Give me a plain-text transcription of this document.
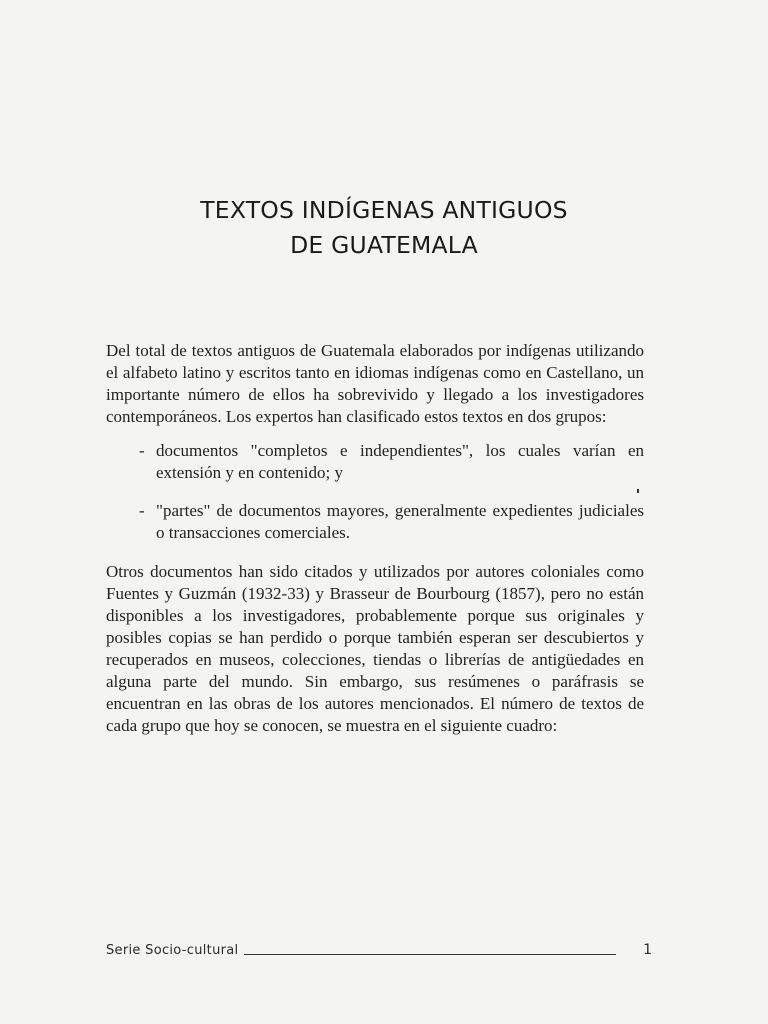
TEXTOS INDÍGENAS ANTIGUOS
DE GUATEMALA

Del total de textos antiguos de Guatemala elaborados por indígenas utilizando el alfabeto latino y escritos tanto en idiomas indígenas como en Castellano, un importante número de ellos ha sobrevivido y llegado a los investigadores contemporáneos. Los expertos han clasificado estos textos en dos grupos:

- documentos "completos e independientes", los cuales varían en extensión y en contenido; y
- "partes" de documentos mayores, generalmente expedientes judiciales o transacciones comerciales.

Otros documentos han sido citados y utilizados por autores coloniales como Fuentes y Guzmán (1932-33) y Brasseur de Bourbourg (1857), pero no están disponibles a los investigadores, probablemente porque sus originales y posibles copias se han perdido o porque también esperan ser descubiertos y recuperados en museos, colecciones, tiendas o librerías de antigüedades en alguna parte del mundo. Sin embargo, sus resúmenes o paráfrasis se encuentran en las obras de los autores mencionados. El número de textos de cada grupo que hoy se conocen, se muestra en el siguiente cuadro:

Serie Socio-cultural	1
